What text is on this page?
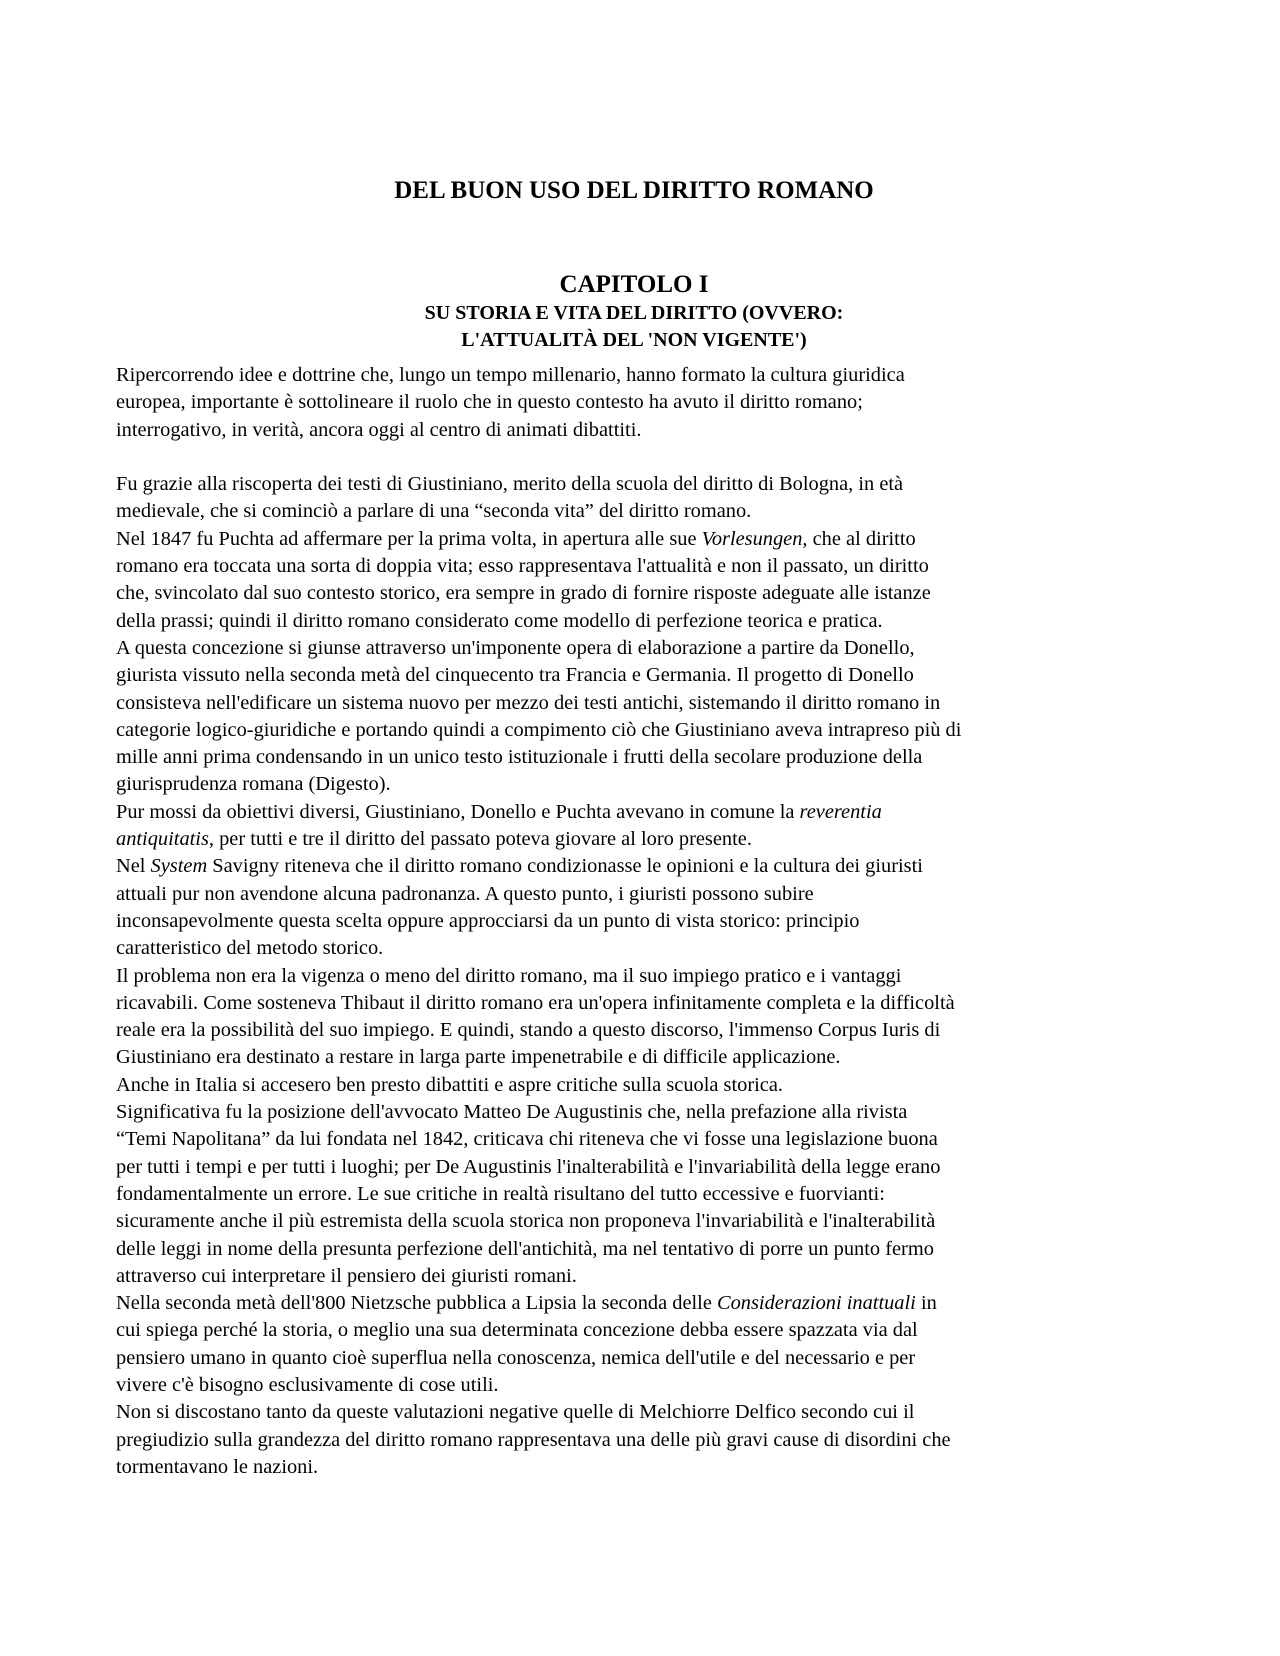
DEL BUON USO DEL DIRITTO ROMANO
CAPITOLO I
SU STORIA E VITA DEL DIRITTO (OVVERO:
L'ATTUALITÀ DEL 'NON VIGENTE')
Ripercorrendo idee e dottrine che, lungo un tempo millenario, hanno formato la cultura giuridica
europea, importante è sottolineare il ruolo che in questo contesto ha avuto il diritto romano;
interrogativo, in verità, ancora oggi al centro di animati dibattiti.
Fu grazie alla riscoperta dei testi di Giustiniano, merito della scuola del diritto di Bologna, in età
medievale, che si cominciò a parlare di una “seconda vita” del diritto romano.
Nel 1847 fu Puchta ad affermare per la prima volta, in apertura alle sue Vorlesungen, che al diritto
romano era toccata una sorta di doppia vita; esso rappresentava l'attualità e non il passato, un diritto
che, svincolato dal suo contesto storico, era sempre in grado di fornire risposte adeguate alle istanze
della prassi; quindi il diritto romano considerato come modello di perfezione teorica e pratica.
A questa concezione si giunse attraverso un'imponente opera di elaborazione a partire da Donello,
giurista vissuto nella seconda metà del cinquecento tra Francia e Germania. Il progetto di Donello
consisteva nell'edificare un sistema nuovo per mezzo dei testi antichi, sistemando il diritto romano in
categorie logico-giuridiche e portando quindi a compimento ciò che Giustiniano aveva intrapreso più di
mille anni prima condensando in un unico testo istituzionale i frutti della secolare produzione della
giurisprudenza romana (Digesto).
Pur mossi da obiettivi diversi, Giustiniano, Donello e Puchta avevano in comune la reverentia
antiquitatis, per tutti e tre il diritto del passato poteva giovare al loro presente.
Nel System Savigny riteneva che il diritto romano condizionasse le opinioni e la cultura dei giuristi
attuali pur non avendone alcuna padronanza. A questo punto, i giuristi possono subire
inconsapevolmente questa scelta oppure approcciarsi da un punto di vista storico: principio
caratteristico del metodo storico.
Il problema non era la vigenza o meno del diritto romano, ma il suo impiego pratico e i vantaggi
ricavabili. Come sosteneva Thibaut il diritto romano era un'opera infinitamente completa e la difficoltà
reale era la possibilità del suo impiego. E quindi, stando a questo discorso, l'immenso Corpus Iuris di
Giustiniano era destinato a restare in larga parte impenetrabile e di difficile applicazione.
Anche in Italia si accesero ben presto dibattiti e aspre critiche sulla scuola storica.
Significativa fu la posizione dell'avvocato Matteo De Augustinis che, nella prefazione alla rivista
“Temi Napolitana” da lui fondata nel 1842, criticava chi riteneva che vi fosse una legislazione buona
per tutti i tempi e per tutti i luoghi; per De Augustinis l'inalterabilità e l'invariabilità della legge erano
fondamentalmente un errore. Le sue critiche in realtà risultano del tutto eccessive e fuorvianti:
sicuramente anche il più estremista della scuola storica non proponeva l'invariabilità e l'inalterabilità
delle leggi in nome della presunta perfezione dell'antichità, ma nel tentativo di porre un punto fermo
attraverso cui interpretare il pensiero dei giuristi romani.
Nella seconda metà dell'800 Nietzsche pubblica a Lipsia la seconda delle Considerazioni inattuali in
cui spiega perché la storia, o meglio una sua determinata concezione debba essere spazzata via dal
pensiero umano in quanto cioè superflua nella conoscenza, nemica dell'utile e del necessario e per
vivere c'è bisogno esclusivamente di cose utili.
Non si discostano tanto da queste valutazioni negative quelle di Melchiorre Delfico secondo cui il
pregiudizio sulla grandezza del diritto romano rappresentava una delle più gravi cause di disordini che
tormentavano le nazioni.
